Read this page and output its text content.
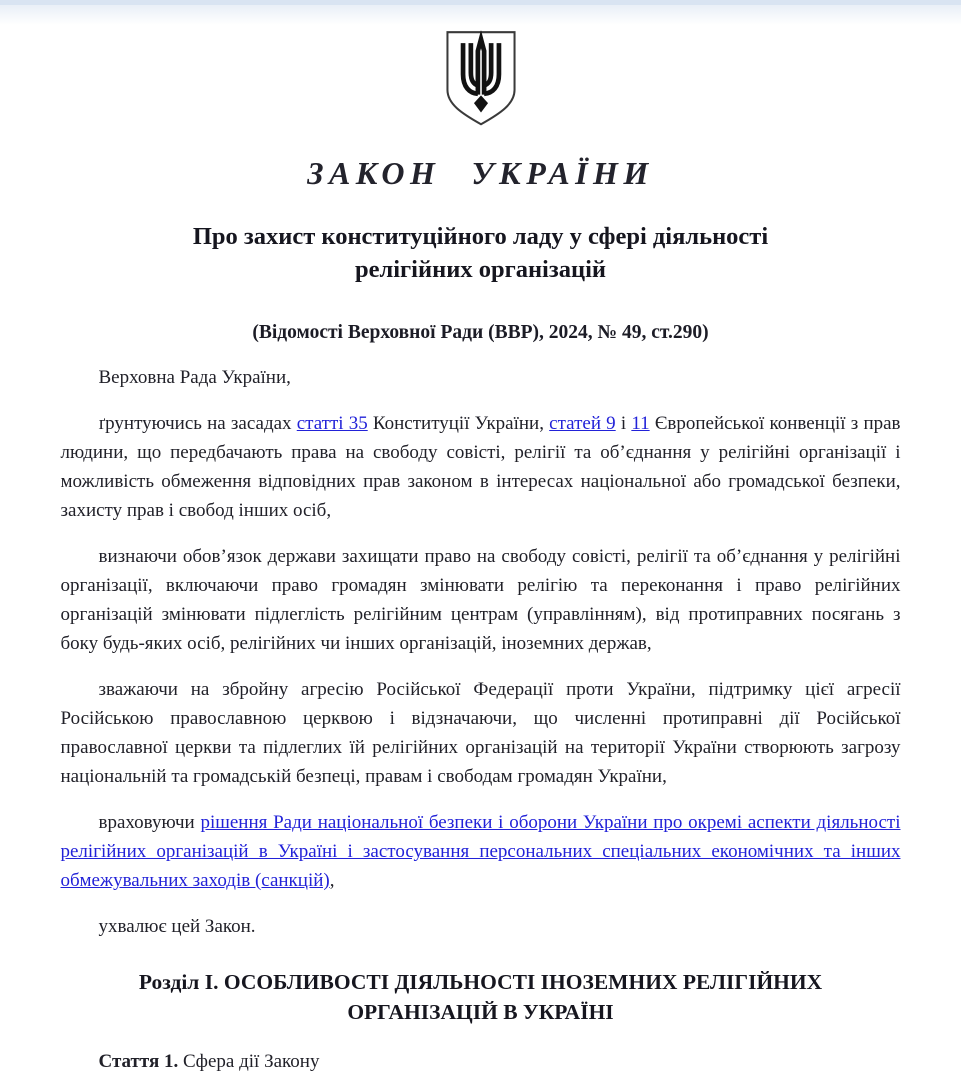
ЗАКОН УКРАЇНИ
Про захист конституційного ладу у сфері діяльності релігійних організацій
(Відомості Верховної Ради (ВВР), 2024, № 49, ст.290)

Верховна Рада України,

ґрунтуючись на засадах статті 35 Конституції України, статей 9 і 11 Європейської конвенції з прав людини, що передбачають права на свободу совісті, релігії та об’єднання у релігійні організації і можливість обмеження відповідних прав законом в інтересах національної або громадської безпеки, захисту прав і свобод інших осіб,

визнаючи обов’язок держави захищати право на свободу совісті, релігії та об’єднання у релігійні організації, включаючи право громадян змінювати релігію та переконання і право релігійних організацій змінювати підлеглість релігійним центрам (управлінням), від протиправних посягань з боку будь-яких осіб, релігійних чи інших організацій, іноземних держав,

зважаючи на збройну агресію Російської Федерації проти України, підтримку цієї агресії Російською православною церквою і відзначаючи, що численні протиправні дії Російської православної церкви та підлеглих їй релігійних організацій на території України створюють загрозу національній та громадській безпеці, правам і свободам громадян України,

враховуючи рішення Ради національної безпеки і оборони України про окремі аспекти діяльності релігійних організацій в Україні і застосування персональних спеціальних економічних та інших обмежувальних заходів (санкцій),

ухвалює цей Закон.

Розділ I. ОСОБЛИВОСТІ ДІЯЛЬНОСТІ ІНОЗЕМНИХ РЕЛІГІЙНИХ ОРГАНІЗАЦІЙ В УКРАЇНІ

Стаття 1. Сфера дії Закону
